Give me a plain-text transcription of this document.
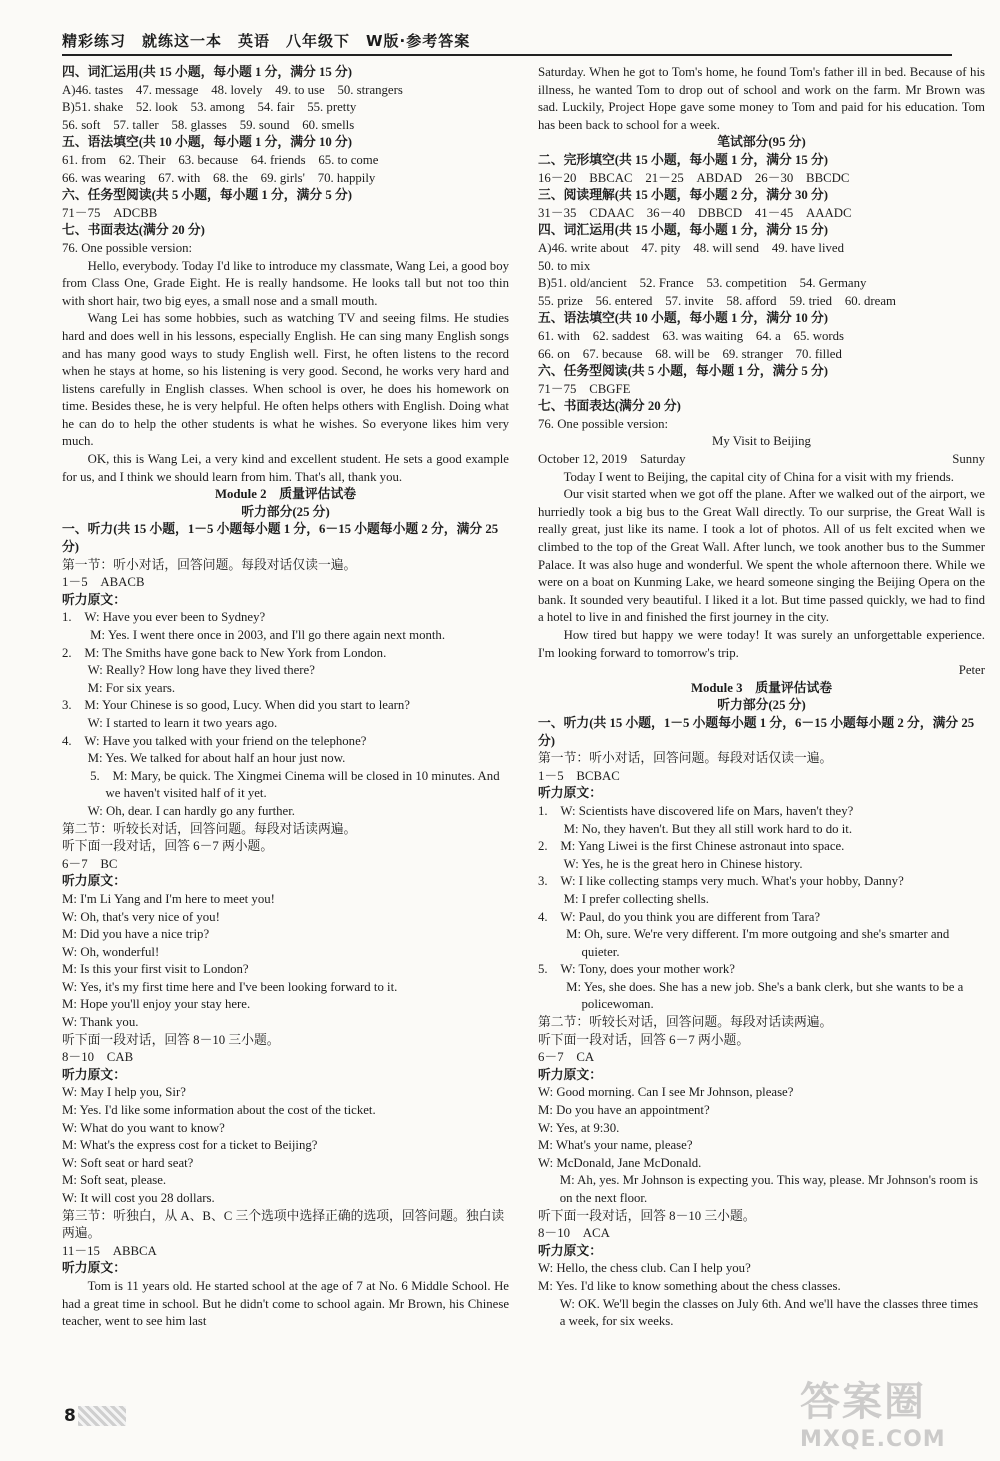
精彩练习　就练这一本　英语　八年级下　W版·参考答案
四、词汇运用(共 15 小题，每小题 1 分，满分 15 分)
A)46. tastes　47. message　48. lovely　49. to use　50. strangers
B)51. shake　52. look　53. among　54. fair　55. pretty
56. soft　57. taller　58. glasses　59. sound　60. smells
五、语法填空(共 10 小题，每小题 1 分，满分 10 分)
61. from　62. Their　63. because　64. friends　65. to come
66. was wearing　67. with　68. the　69. girls'　70. happily
六、任务型阅读(共 5 小题，每小题 1 分，满分 5 分)
71－75　ADCBB
七、书面表达(满分 20 分)
76. One possible version:
Hello, everybody. Today I'd like to introduce my classmate, Wang Lei, a good boy from Class One, Grade Eight. He is really handsome. He looks tall but not too thin with short hair, two big eyes, a small nose and a small mouth.
Wang Lei has some hobbies, such as watching TV and seeing films. He studies hard and does well in his lessons, especially English. He can sing many English songs and has many good ways to study English well. First, he often listens to the record when he stays at home, so his listening is very good. Second, he works very hard and listens carefully in English classes. When school is over, he does his homework on time. Besides these, he is very helpful. He often helps others with English. Doing what he can do to help the other students is what he wishes. So everyone likes him very much.
OK, this is Wang Lei, a very kind and excellent student. He sets a good example for us, and I think we should learn from him. That's all, thank you.
Module 2　质量评估试卷
听力部分(25 分)
一、听力(共 15 小题，1－5 小题每小题 1 分，6－15 小题每小题 2 分，满分 25 分)
第一节：听小对话，回答问题。每段对话仅读一遍。
1－5　ABACB
听力原文：
1.　W: Have you ever been to Sydney?
M: Yes. I went there once in 2003, and I'll go there again next month.
2.　M: The Smiths have gone back to New York from London.
　　W: Really? How long have they lived there?
　　M: For six years.
3.　M: Your Chinese is so good, Lucy. When did you start to learn?
　　W: I started to learn it two years ago.
4.　W: Have you talked with your friend on the telephone?
　　M: Yes. We talked for about half an hour just now.
5.　M: Mary, be quick. The Xingmei Cinema will be closed in 10 minutes. And we haven't visited half of it yet.
　　W: Oh, dear. I can hardly go any further.
第二节：听较长对话，回答问题。每段对话读两遍。
听下面一段对话，回答 6－7 两小题。
6－7　BC
听力原文：
M: I'm Li Yang and I'm here to meet you!
W: Oh, that's very nice of you!
M: Did you have a nice trip?
W: Oh, wonderful!
M: Is this your first visit to London?
W: Yes, it's my first time here and I've been looking forward to it.
M: Hope you'll enjoy your stay here.
W: Thank you.
听下面一段对话，回答 8－10 三小题。
8－10　CAB
听力原文：
W: May I help you, Sir?
M: Yes. I'd like some information about the cost of the ticket.
W: What do you want to know?
M: What's the express cost for a ticket to Beijing?
W: Soft seat or hard seat?
M: Soft seat, please.
W: It will cost you 28 dollars.
第三节：听独白，从 A、B、C 三个选项中选择正确的选项，回答问题。独白读两遍。
11－15　ABBCA
听力原文：
Tom is 11 years old. He started school at the age of 7 at No. 6 Middle School. He had a great time in school. But he didn't come to school again. Mr Brown, his Chinese teacher, went to see him last
Saturday. When he got to Tom's home, he found Tom's father ill in bed. Because of his illness, he wanted Tom to drop out of school and work on the farm. Mr Brown was sad. Luckily, Project Hope gave some money to Tom and paid for his education. Tom has been back to school for a week.
笔试部分(95 分)
二、完形填空(共 15 小题，每小题 1 分，满分 15 分)
16－20　BBCAC　21－25　ABDAD　26－30　BBCDC
三、阅读理解(共 15 小题，每小题 2 分，满分 30 分)
31－35　CDAAC　36－40　DBBCD　41－45　AAADC
四、词汇运用(共 15 小题，每小题 1 分，满分 15 分)
A)46. write about　47. pity　48. will send　49. have lived
50. to mix
B)51. old/ancient　52. France　53. competition　54. Germany
55. prize　56. entered　57. invite　58. afford　59. tried　60. dream
五、语法填空(共 10 小题，每小题 1 分，满分 10 分)
61. with　62. saddest　63. was waiting　64. a　65. words
66. on　67. because　68. will be　69. stranger　70. filled
六、任务型阅读(共 5 小题，每小题 1 分，满分 5 分)
71－75　CBGFE
七、书面表达(满分 20 分)
76. One possible version:
My Visit to Beijing
October 12, 2019　Saturday	Sunny
Today I went to Beijing, the capital city of China for a visit with my friends.
Our visit started when we got off the plane. After we walked out of the airport, we hurriedly took a big bus to the Great Wall directly. To our surprise, the Great Wall is really great, just like its name. I took a lot of photos. All of us felt excited when we climbed to the top of the Great Wall. After lunch, we took another bus to the Summer Palace. It was also huge and wonderful. We spent the whole afternoon there. While we were on a boat on Kunming Lake, we heard someone singing the Beijing Opera on the bank. It sounded very beautiful. I liked it a lot. But time passed quickly, we had to find a hotel to live in and finished the first journey in the city.
How tired but happy we were today! It was surely an unforgettable experience. I'm looking forward to tomorrow's trip.
Peter
Module 3　质量评估试卷
听力部分(25 分)
一、听力(共 15 小题，1－5 小题每小题 1 分，6－15 小题每小题 2 分，满分 25 分)
第一节：听小对话，回答问题。每段对话仅读一遍。
1－5　BCBAC
听力原文：
1.　W: Scientists have discovered life on Mars, haven't they?
　　M: No, they haven't. But they all still work hard to do it.
2.　M: Yang Liwei is the first Chinese astronaut into space.
　　W: Yes, he is the great hero in Chinese history.
3.　W: I like collecting stamps very much. What's your hobby, Danny?
　　M: I prefer collecting shells.
4.　W: Paul, do you think you are different from Tara?
M: Oh, sure. We're very different. I'm more outgoing and she's smarter and quieter.
5.　W: Tony, does your mother work?
M: Yes, she does. She has a new job. She's a bank clerk, but she wants to be a policewoman.
第二节：听较长对话，回答问题。每段对话读两遍。
听下面一段对话，回答 6－7 两小题。
6－7　CA
听力原文：
W: Good morning. Can I see Mr Johnson, please?
M: Do you have an appointment?
W: Yes, at 9:30.
M: What's your name, please?
W: McDonald, Jane McDonald.
M: Ah, yes. Mr Johnson is expecting you. This way, please. Mr Johnson's room is on the next floor.
听下面一段对话，回答 8－10 三小题。
8－10　ACA
听力原文：
W: Hello, the chess club. Can I help you?
M: Yes. I'd like to know something about the chess classes.
W: OK. We'll begin the classes on July 6th. And we'll have the classes three times a week, for six weeks.
8	答案圈
MXQE.COM
